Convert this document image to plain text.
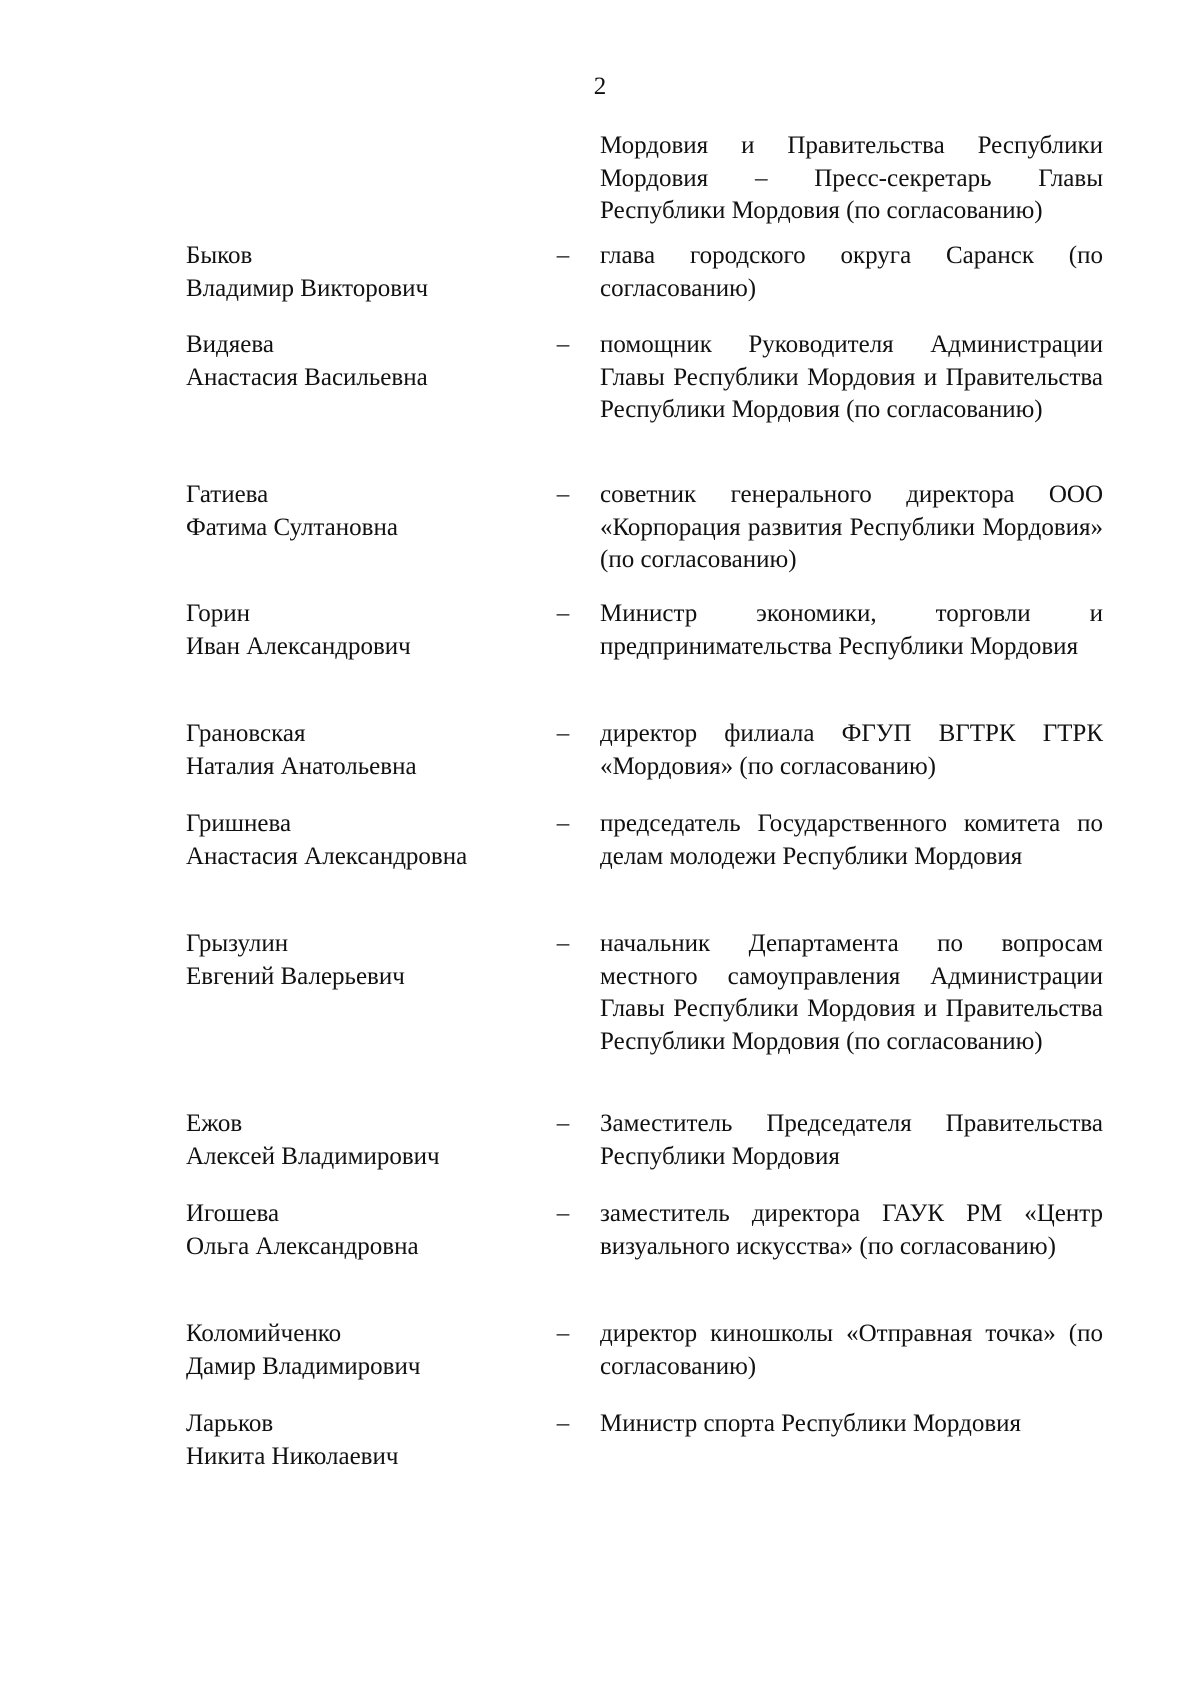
2
Мордовия и Правительства Республики Мордовия – Пресс-секретарь Главы Республики Мордовия (по согласованию)
Быков
Владимир Викторович
–	глава городского округа Саранск (по согласованию)
Видяева
Анастасия Васильевна
–	помощник Руководителя Администрации Главы Республики Мордовия и Правительства Республики Мордовия (по согласованию)
Гатиева
Фатима Султановна
–	советник генерального директора ООО «Корпорация развития Республики Мордовия» (по согласованию)
Горин
Иван Александрович
–	Министр экономики, торговли и предпринимательства Республики Мордовия
Грановская
Наталия Анатольевна
–	директор филиала ФГУП ВГТРК ГТРК «Мордовия» (по согласованию)
Гришнева
Анастасия Александровна
–	председатель Государственного комитета по делам молодежи Республики Мордовия
Грызулин
Евгений Валерьевич
–	начальник Департамента по вопросам местного самоуправления Администрации Главы Республики Мордовия и Правительства Республики Мордовия (по согласованию)
Ежов
Алексей Владимирович
–	Заместитель Председателя Правительства Республики Мордовия
Игошева
Ольга Александровна
–	заместитель директора ГАУК РМ «Центр визуального искусства» (по согласованию)
Коломийченко
Дамир Владимирович
–	директор киношколы «Отправная точка» (по согласованию)
Ларьков
Никита Николаевич
–	Министр спорта Республики Мордовия
